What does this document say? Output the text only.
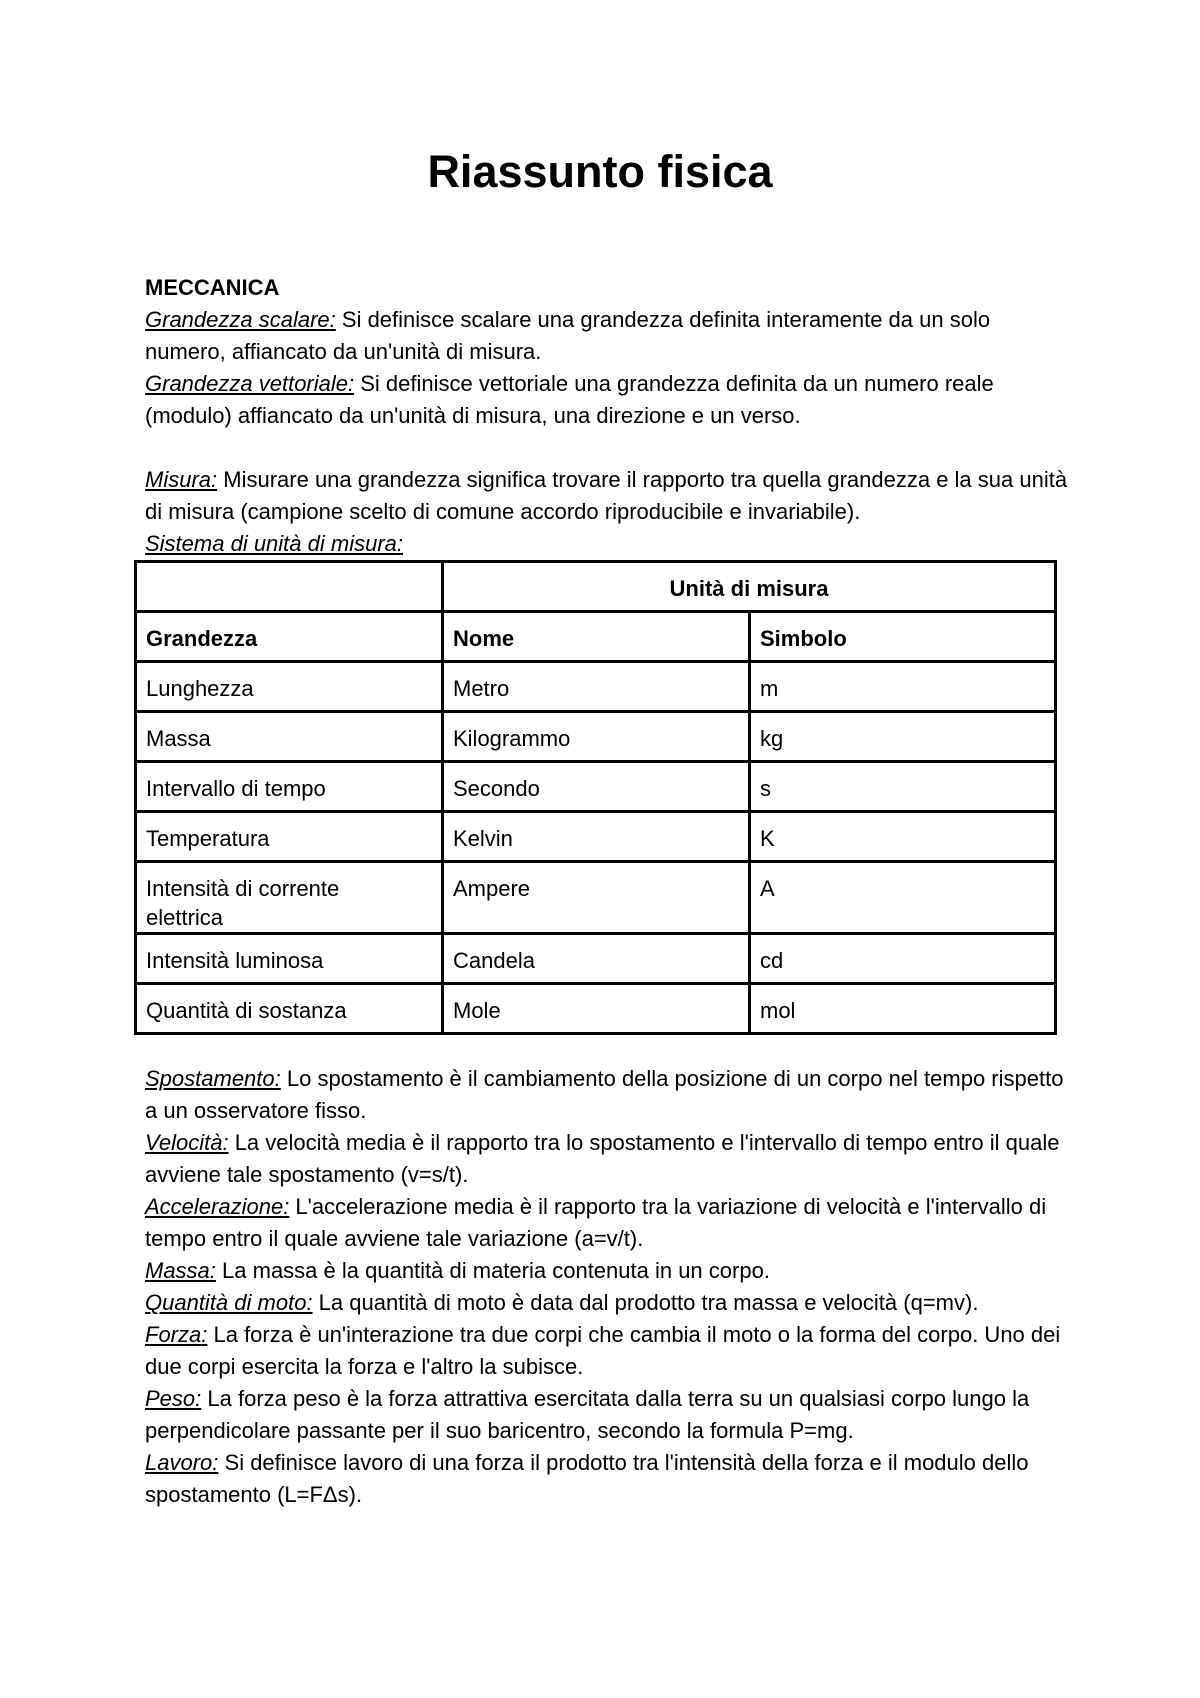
Riassunto fisica

MECCANICA

Grandezza scalare: Si definisce scalare una grandezza definita interamente da un solo numero, affiancato da un'unità di misura.

Grandezza vettoriale: Si definisce vettoriale una grandezza definita da un numero reale (modulo) affiancato da un'unità di misura, una direzione e un verso.

Misura: Misurare una grandezza significa trovare il rapporto tra quella grandezza e la sua unità di misura (campione scelto di comune accordo riproducibile e invariabile).

Sistema di unità di misura:

	Unità di misura	
Grandezza	Nome	Simbolo
Lunghezza	Metro	m
Massa	Kilogrammo	kg
Intervallo di tempo	Secondo	s
Temperatura	Kelvin	K
Intensità di corrente elettrica	Ampere	A
Intensità luminosa	Candela	cd
Quantità di sostanza	Mole	mol

Spostamento: Lo spostamento è il cambiamento della posizione di un corpo nel tempo rispetto a un osservatore fisso.

Velocità: La velocità media è il rapporto tra lo spostamento e l'intervallo di tempo entro il quale avviene tale spostamento (v=s/t).

Accelerazione: L'accelerazione media è il rapporto tra la variazione di velocità e l'intervallo di tempo entro il quale avviene tale variazione (a=v/t).

Massa: La massa è la quantità di materia contenuta in un corpo.

Quantità di moto: La quantità di moto è data dal prodotto tra massa e velocità (q=mv).

Forza: La forza è un'interazione tra due corpi che cambia il moto o la forma del corpo. Uno dei due corpi esercita la forza e l'altro la subisce.

Peso: La forza peso è la forza attrattiva esercitata dalla terra su un qualsiasi corpo lungo la perpendicolare passante per il suo baricentro, secondo la formula P=mg.

Lavoro: Si definisce lavoro di una forza il prodotto tra l'intensità della forza e il modulo dello spostamento (L=FΔs).
